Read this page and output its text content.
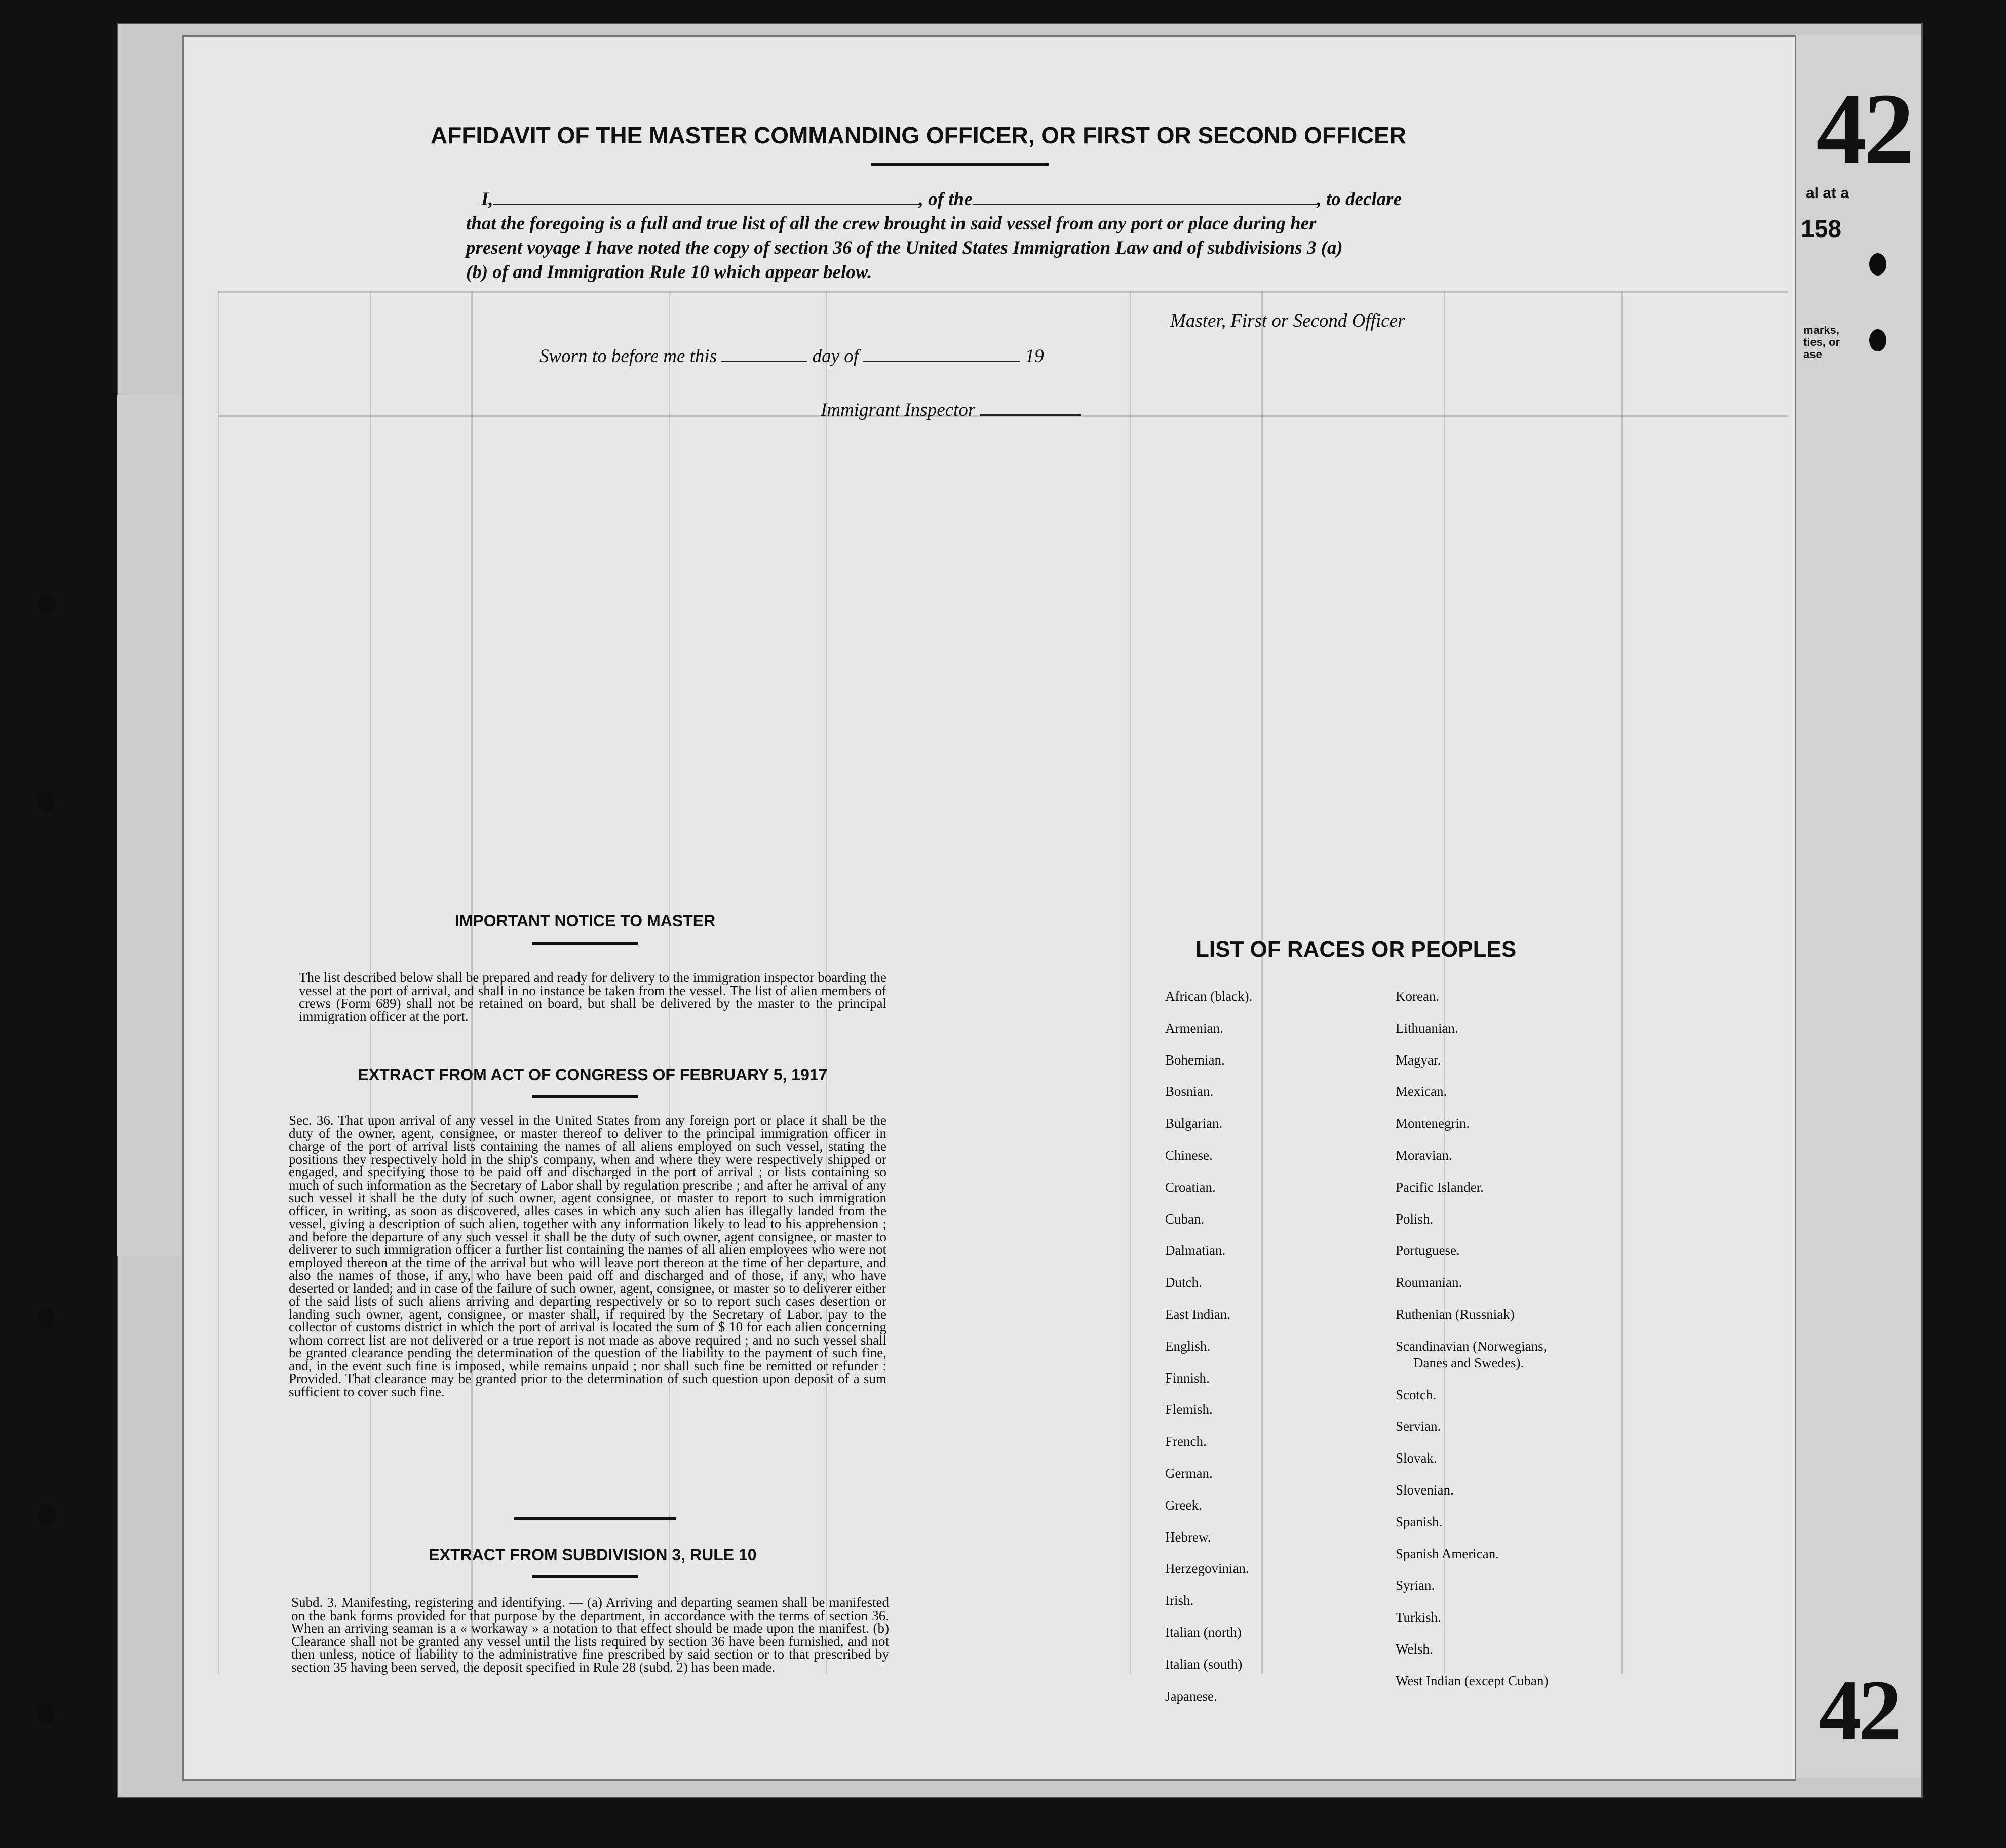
42
42
158
al at a
marks,
ties, or
ase
AFFIDAVIT OF THE MASTER COMMANDING OFFICER, OR FIRST OR SECOND OFFICER
I,	, of the	, to declare
that the foregoing is a full and true list of all the crew brought in said vessel from any port or place during her
present voyage I have noted the copy of section 36 of the United States Immigration Law and of subdivisions 3 (a)
(b) of and Immigration Rule 10 which appear below.
Master, First or Second Officer
Sworn to before me this	day of	19
Immigrant Inspector
IMPORTANT NOTICE TO MASTER
The list described below shall be prepared and ready for delivery to the immigration inspector boarding the vessel at the port of arrival, and shall in no instance be taken from the vessel. The list of alien members of crews (Form 689) shall not be retained on board, but shall be delivered by the master to the principal immigration officer at the port.
EXTRACT FROM ACT OF CONGRESS OF FEBRUARY 5, 1917
Sec. 36. That upon arrival of any vessel in the United States from any foreign port or place it shall be the duty of the owner, agent, consignee, or master thereof to deliver to the principal immigration officer in charge of the port of arrival lists containing the names of all aliens employed on such vessel, stating the positions they respectively hold in the ship's company, when and where they were respectively shipped or engaged, and specifying those to be paid off and discharged in the port of arrival ; or lists containing so much of such information as the Secretary of Labor shall by regulation prescribe ; and after he arrival of any such vessel it shall be the duty of such owner, agent consignee, or master to report to such immigration officer, in writing, as soon as discovered, alles cases in which any such alien has illegally landed from the vessel, giving a description of such alien, together with any information likely to lead to his apprehension ; and before the departure of any such vessel it shall be the duty of such owner, agent consignee, or master to deliverer to such immigration officer a further list containing the names of all alien employees who were not employed thereon at the time of the arrival but who will leave port thereon at the time of her departure, and also the names of those, if any, who have been paid off and discharged and of those, if any, who have deserted or landed; and in case of the failure of such owner, agent, consignee, or master so to deliverer either of the said lists of such aliens arriving and departing respectively or so to report such cases desertion or landing such owner, agent, consignee, or master shall, if required by the Secretary of Labor, pay to the collector of customs district in which the port of arrival is located the sum of $ 10 for each alien concerning whom correct list are not delivered or a true report is not made as above required ; and no such vessel shall be granted clearance pending the determination of the question of the liability to the payment of such fine, and, in the event such fine is imposed, while remains unpaid ; nor shall such fine be remitted or refunder : Provided. That clearance may be granted prior to the determination of such question upon deposit of a sum sufficient to cover such fine.
EXTRACT FROM SUBDIVISION 3, RULE 10
Subd. 3. Manifesting, registering and identifying. — (a) Arriving and departing seamen shall be manifested on the bank forms provided for that purpose by the department, in accordance with the terms of section 36. When an arriving seaman is a « workaway » a notation to that effect should be made upon the manifest. (b) Clearance shall not be granted any vessel until the lists required by section 36 have been furnished, and not then unless, notice of liability to the administrative fine prescribed by said section or to that prescribed by section 35 having been served, the deposit specified in Rule 28 (subd. 2) has been made.
LIST OF RACES OR PEOPLES
African (black).
Armenian.
Bohemian.
Bosnian.
Bulgarian.
Chinese.
Croatian.
Cuban.
Dalmatian.
Dutch.
East Indian.
English.
Finnish.
Flemish.
French.
German.
Greek.
Hebrew.
Herzegovinian.
Irish.
Italian (north)
Italian (south)
Japanese.
Korean.
Lithuanian.
Magyar.
Mexican.
Montenegrin.
Moravian.
Pacific Islander.
Polish.
Portuguese.
Roumanian.
Ruthenian (Russniak)
Scandinavian (Norwegians,
Danes and Swedes).
Scotch.
Servian.
Slovak.
Slovenian.
Spanish.
Spanish American.
Syrian.
Turkish.
Welsh.
West Indian (except Cuban)
